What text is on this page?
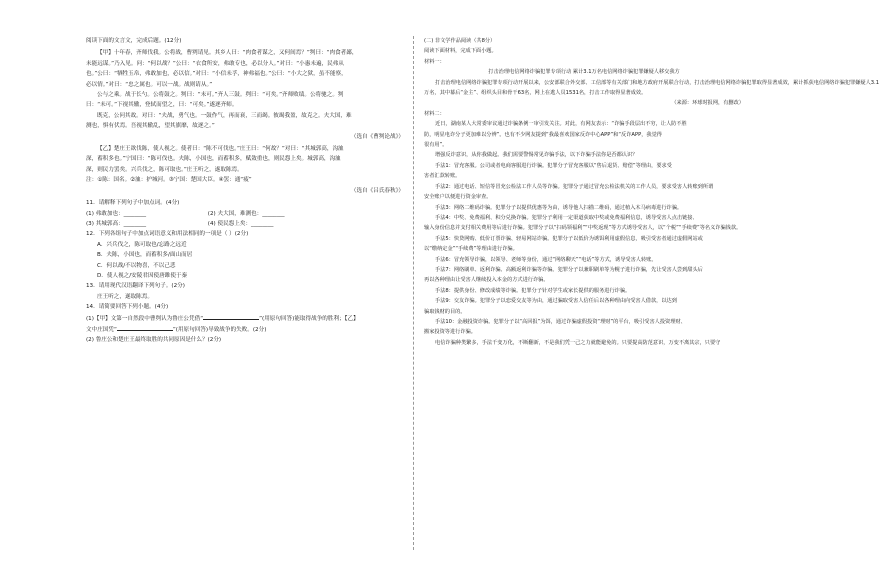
阅读下面的文言文，完成后题。(12分)
【甲】十年春，齐师伐我。公将战，曹刿请见。其乡人曰：“肉食者谋之，又何间焉？”刿曰：“肉食者鄙，
未能远谋。”乃入见。问：“何以战？”公曰：“衣食所安，弗敢专也，必以分人。”对曰：“小惠未遍，民弗从
也。”公曰：“牺牲玉帛，弗敢加也，必以信。”对曰：“小信未孚，神弗福也。”公曰：“小大之狱，虽不能察，
必以情。”对曰：“忠之属也。可以一战。战则请从。”
公与之乘。战于长勺。公将鼓之。刿曰：“未可。”齐人三鼓。刿曰：“可矣。”齐师败绩。公将驰之。刿
曰：“未可。”下视其辙，登轼而望之，曰：“可矣。”遂逐齐师。
既克，公问其故。对曰：“夫战，勇气也。一鼓作气，再而衰，三而竭。彼竭我盈，故克之。夫大国，难
测也，惧有伏焉。吾视其辙乱，望其旗靡，故逐之。”
（选自《曹刿论战》）
【乙】楚庄王欲伐陈，使人视之。使者曰：“陈不可伐也。”庄王曰：“何故？”对曰：“其城郭高，沟洫
深，蓄积多也。”宁国曰：“陈可伐也。夫陈，小国也，而蓄积多，赋敛重也，则民怨上矣。城郭高，沟洫
深，则民力罢矣。兴兵伐之，陈可取也。”庄王听之，遂取陈焉。
注：①陈：国名。②洫：护城河。③宁国：楚国大臣。④罢：通“疲”
（选自《吕氏春秋》）
11．请解释下列句子中加点词。(4分)
(1) 弗敢加也：________	(2) 夫大国，难测也：________
(3) 其城郭高：________	(4) 使民怨上矣：________
12．下列各组句子中加点词语意义和用法相同的一项是（ ）(2分)
A．兴兵伐之，陈可取也/忘路之远近
B．夫陈，小国也，而蓄积多/面山而居
C．何以战/不以物喜，不以己悲
D．使人视之/安陵君因使唐雎使于秦
13．请用现代汉语翻译下列句子。(2分)
庄王听之，遂取陈焉。
14．请简要回答下列小题。(4分)
(1)【甲】文第一自然段中曹刿认为鲁庄公凭借“	”(用原句回答)能取得战争的胜利；【乙】
文中庄国凭“	”(用原句回答)导致战争的失败。(2分)
(2) 鲁庄公和楚庄王最终取胜的共同原因是什么？(2分)
(二) 非文学作品阅读（共8分）
阅读下面材料，完成下面小题。
材料一：
打击治理电信网络诈骗犯罪专项行动 累计3.1万名电信网络诈骗犯罪嫌疑人移交我方
打击治理电信网络诈骗犯罪专项行动开展以来，公安部联合外交部、工信部等有关部门和地方政府开展联合行动，打击治理电信网络诈骗犯罪取得显著成效，累计抓获电信网络诈骗犯罪嫌疑人3.1
万名，其中幕后“金主”、组织头目和骨干63名，网上在逃人员1531名，打击工作取得显著成效。
（来源：环球时报网，有删改）
材料二：
近日，湖南某人大常委审议通过诈骗条例一审引发关注。对此，有网友表示：“诈骗手段层出不穷，让人防不胜
防，明显电诈分子更加难以分辨”。也有不少网友提到“我最喜欢国家反诈中心APP”和“反诈APP，我觉得
很有用”。
增强反诈意识，从你我做起。我们需要警惕常见诈骗手法，以下诈骗手法你是否都认识？
手法1：冒充客服。公司或者电商客服进行诈骗。犯罪分子冒充客服以“售后退货、赔偿”等理由，要求受
害者汇款转账。
手法2：通过电话、短信等冒充公检法工作人员等诈骗。犯罪分子通过冒充公检法机关的工作人员，要求受害人转账到所谓
安全账户以便进行资金审查。
手法3：网络二维码诈骗。犯罪分子以提供优惠等为由，诱导他人扫描二维码，通过植入木马病毒进行诈骗。
手法4：中奖、免费福利、积分兑换诈骗。犯罪分子利用一定渠道获取中奖或免费福利信息，诱导受害人点击链接、
输入身份信息并支付相关费用等后进行诈骗。犯罪分子以“扫码领福利”“中奖返现”等方式诱导受害人，以“个税”“手续费”等名义诈骗钱款。
手法5：快贷网购、低价订票诈骗、轻易网站诈骗。犯罪分子以低价为诱饵利用虚假信息，吸引受害者通过虚假网站或
以“缴纳定金”“手续费”等理由进行诈骗。
手法6：冒充领导诈骗，以领导、老师等身份，通过“网络聊天”“电话”等方式，诱导受害人转账。
手法7：网络刷单、返利诈骗、高额返利诈骗等诈骗。犯罪分子以兼职刷单等为幌子进行诈骗，先让受害人尝到甜头后
再以各种理由让受害人继续投入本金的方式进行诈骗。
手法8：提供身份、修改成绩等诈骗。犯罪分子针对学生或家长提供的服务进行诈骗。
手法9：交友诈骗。犯罪分子以恋爱交友等为由，通过骗取受害人信任后以各种理由向受害人借款，以达到
骗取钱财的目的。
手法10：金融投资诈骗。犯罪分子以“高回报”为饵，通过诈骗虚假投资“理财”的平台，吸引受害人投资理财、
搬家投资等进行诈骗。
电信诈骗种类繁多，手法千变万化，不断翻新，不是我们凭一己之力就能避免的。只要提高防范意识，万变不离其宗，只要守
